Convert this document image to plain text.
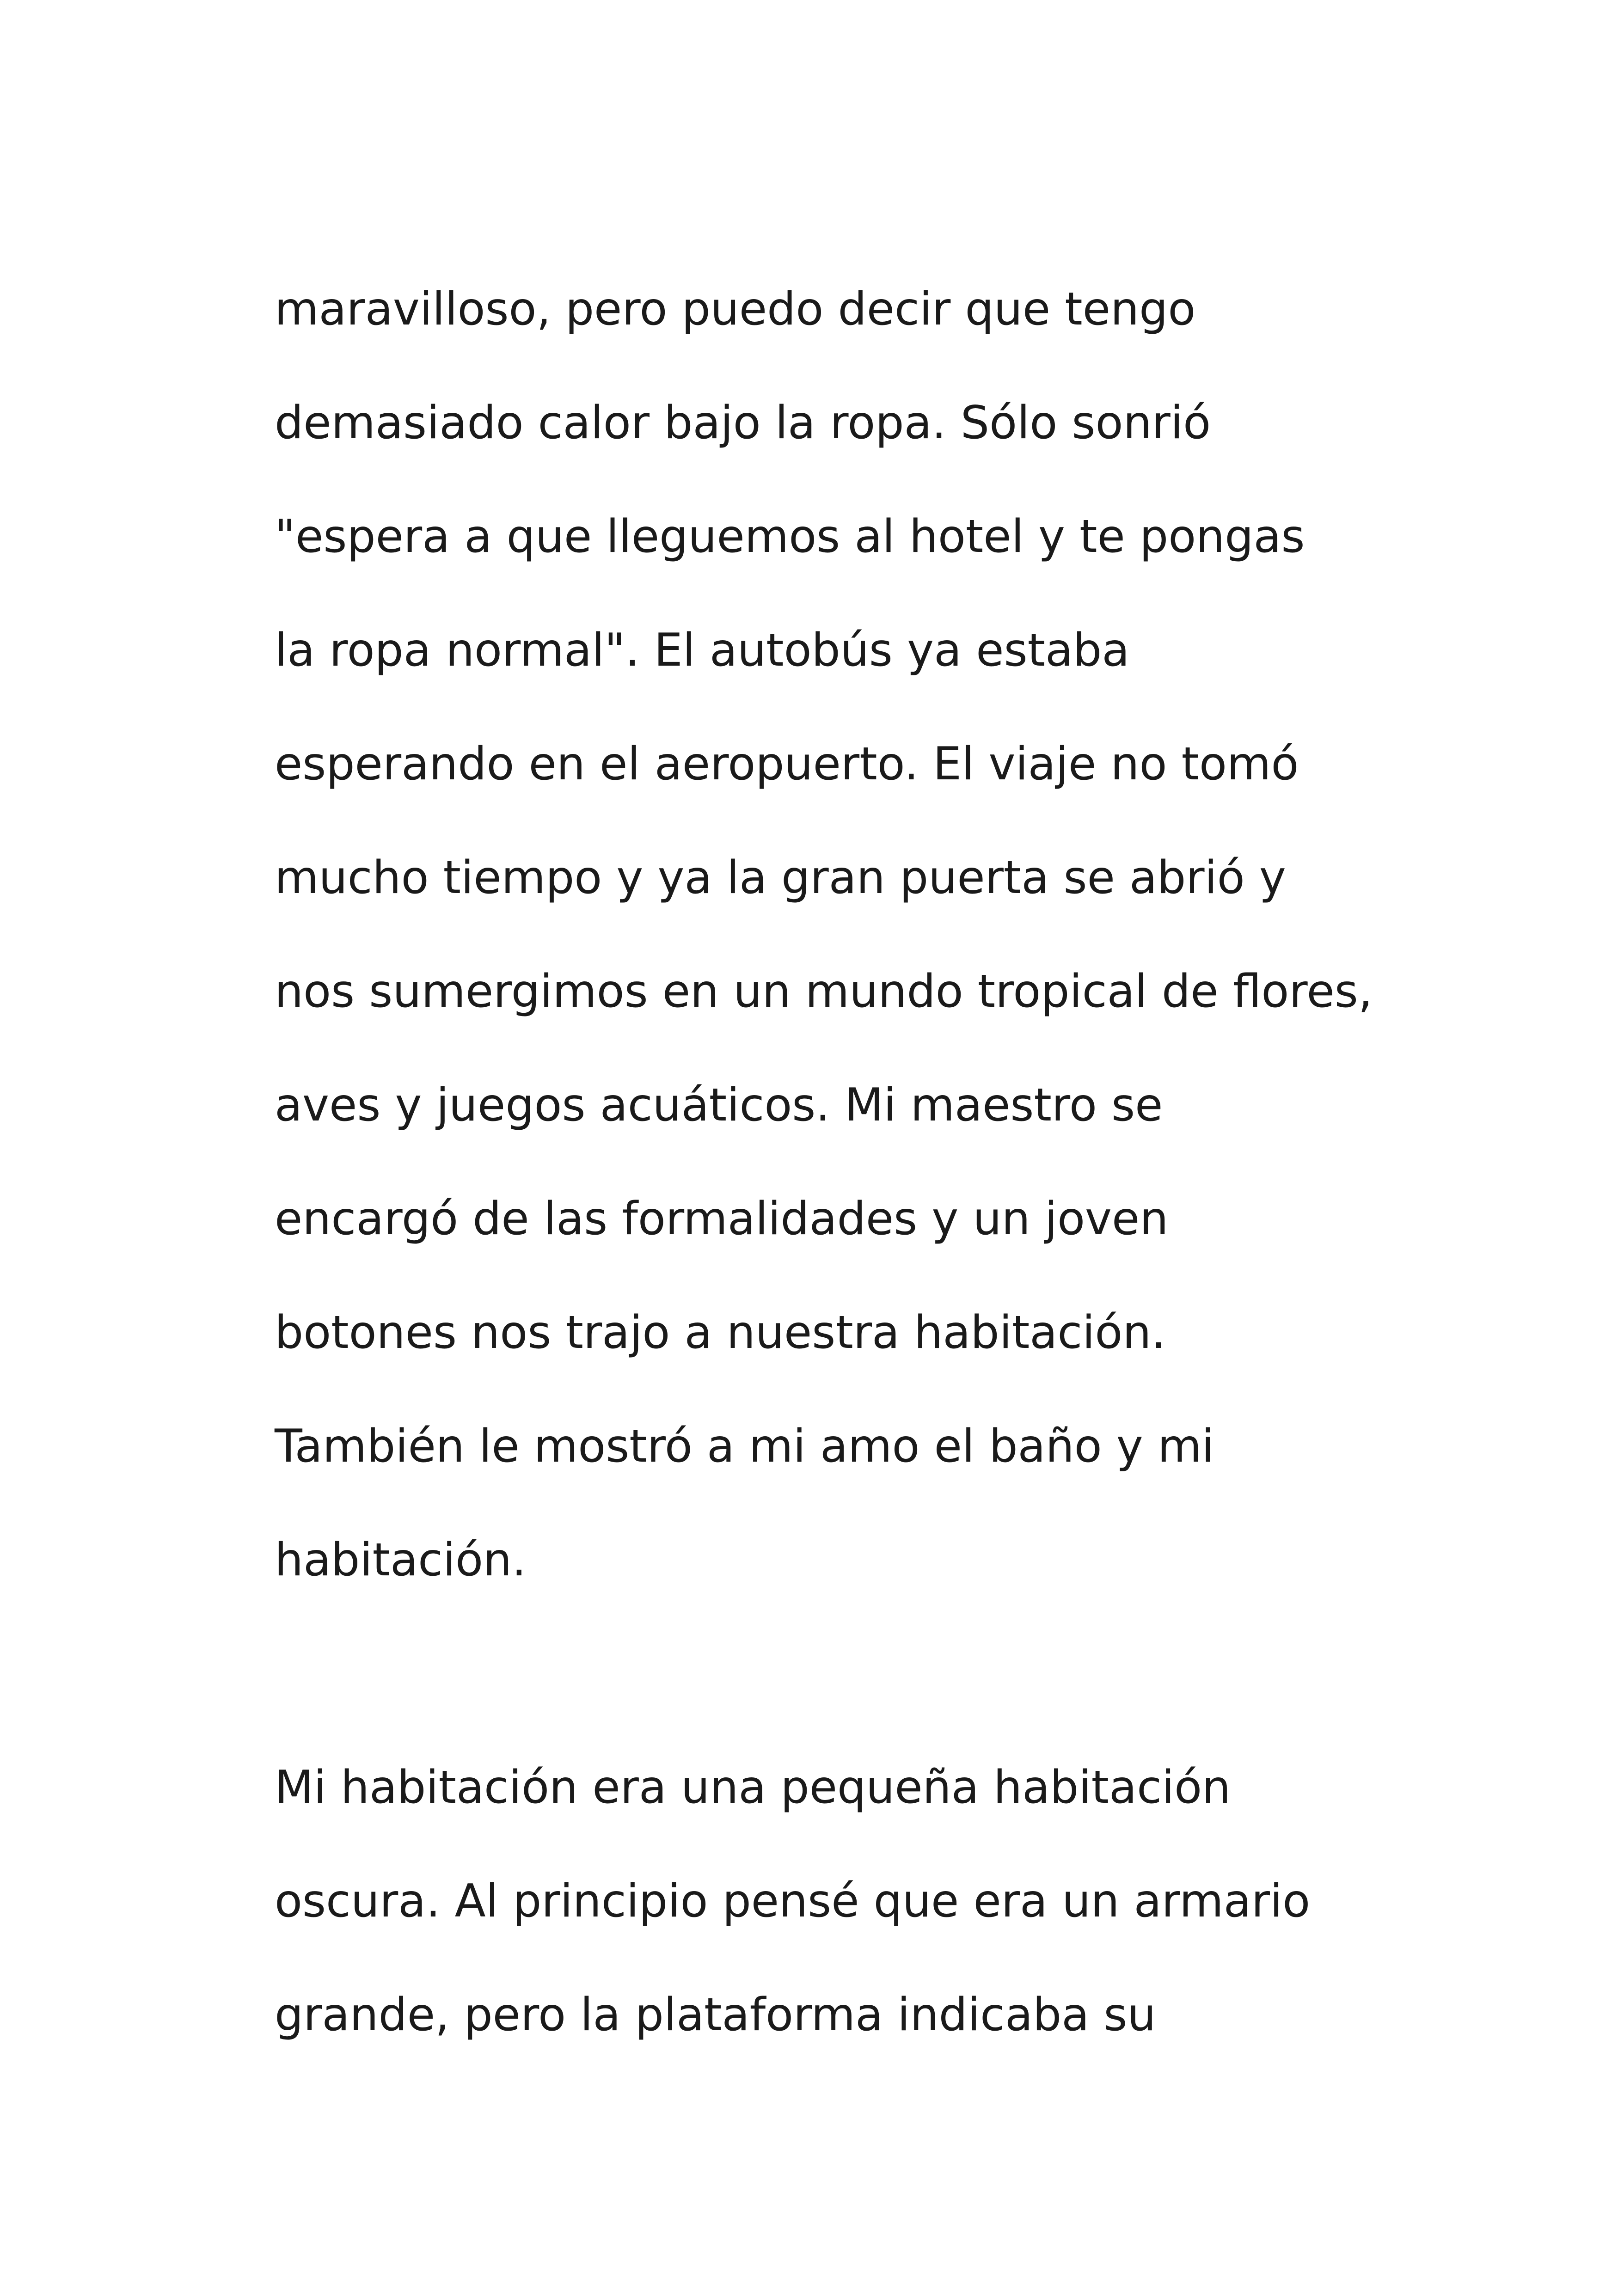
maravilloso, pero puedo decir que tengo
demasiado calor bajo la ropa. Sólo sonrió
"espera a que lleguemos al hotel y te pongas
la ropa normal". El autobús ya estaba
esperando en el aeropuerto. El viaje no tomó
mucho tiempo y ya la gran puerta se abrió y
nos sumergimos en un mundo tropical de flores,
aves y juegos acuáticos. Mi maestro se
encargó de las formalidades y un joven
botones nos trajo a nuestra habitación.
También le mostró a mi amo el baño y mi
habitación.
Mi habitación era una pequeña habitación
oscura. Al principio pensé que era un armario
grande, pero la plataforma indicaba su
